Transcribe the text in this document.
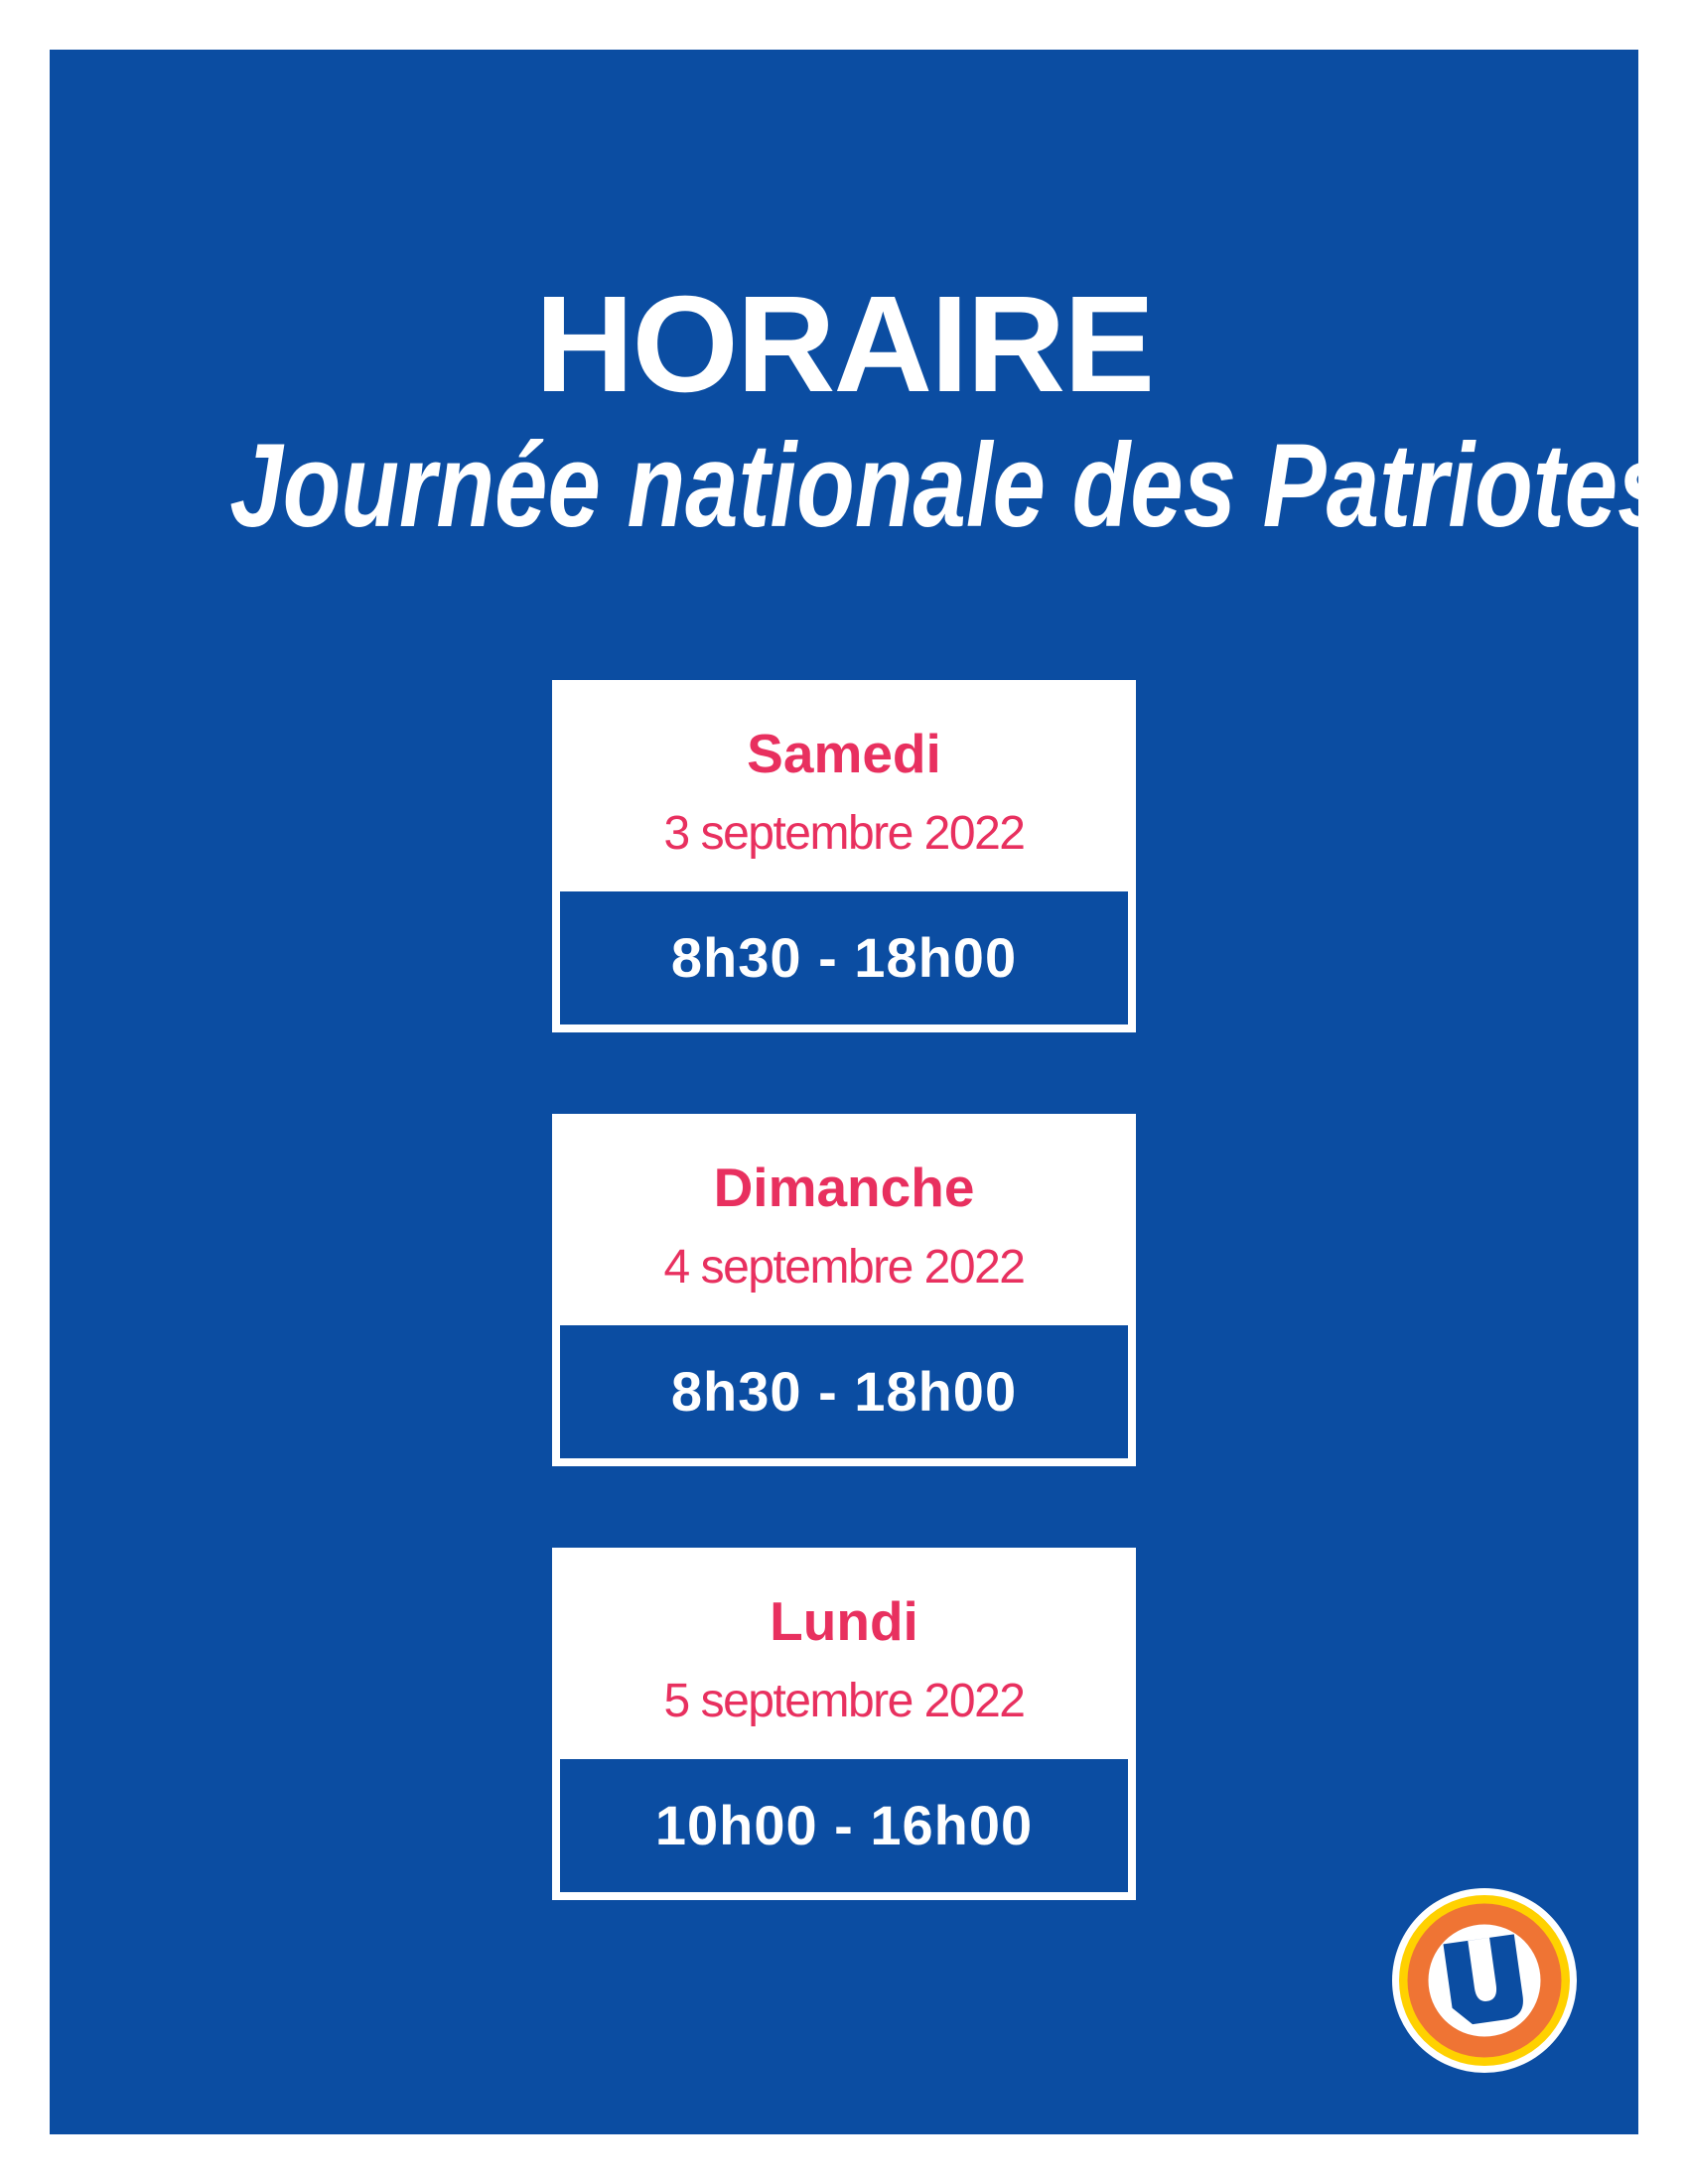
HORAIRE
Journée nationale des Patriotes
Samedi
3 septembre 2022
8h30 - 18h00
Dimanche
4 septembre 2022
8h30 - 18h00
Lundi
5 septembre 2022
10h00 - 16h00
